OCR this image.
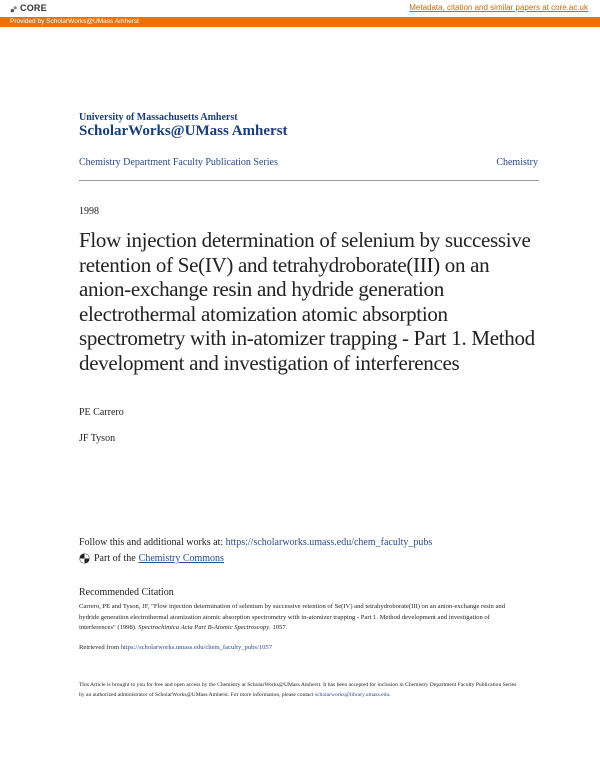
CORE	Metadata, citation and similar papers at core.ac.uk
Provided by ScholarWorks@UMass Amherst
University of Massachusetts Amherst
ScholarWorks@UMass Amherst
Chemistry Department Faculty Publication Series	Chemistry
1998
Flow injection determination of selenium by successive retention of Se(IV) and tetrahydroborate(III) on an anion-exchange resin and hydride generation electrothermal atomization atomic absorption spectrometry with in-atomizer trapping - Part 1. Method development and investigation of interferences
PE Carrero
JF Tyson
Follow this and additional works at: https://scholarworks.umass.edu/chem_faculty_pubs
Part of the Chemistry Commons
Recommended Citation
Carrero, PE and Tyson, JF, "Flow injection determination of selenium by successive retention of Se(IV) and tetrahydroborate(III) on an anion-exchange resin and hydride generation electrothermal atomization atomic absorption spectrometry with in-atomizer trapping - Part 1. Method development and investigation of interferences" (1998). Spectrochimica Acta Part B-Atomic Spectroscopy. 1057.
Retrieved from https://scholarworks.umass.edu/chem_faculty_pubs/1057
This Article is brought to you for free and open access by the Chemistry at ScholarWorks@UMass Amherst. It has been accepted for inclusion in Chemistry Department Faculty Publication Series by an authorized administrator of ScholarWorks@UMass Amherst. For more information, please contact scholarworks@library.umass.edu.
